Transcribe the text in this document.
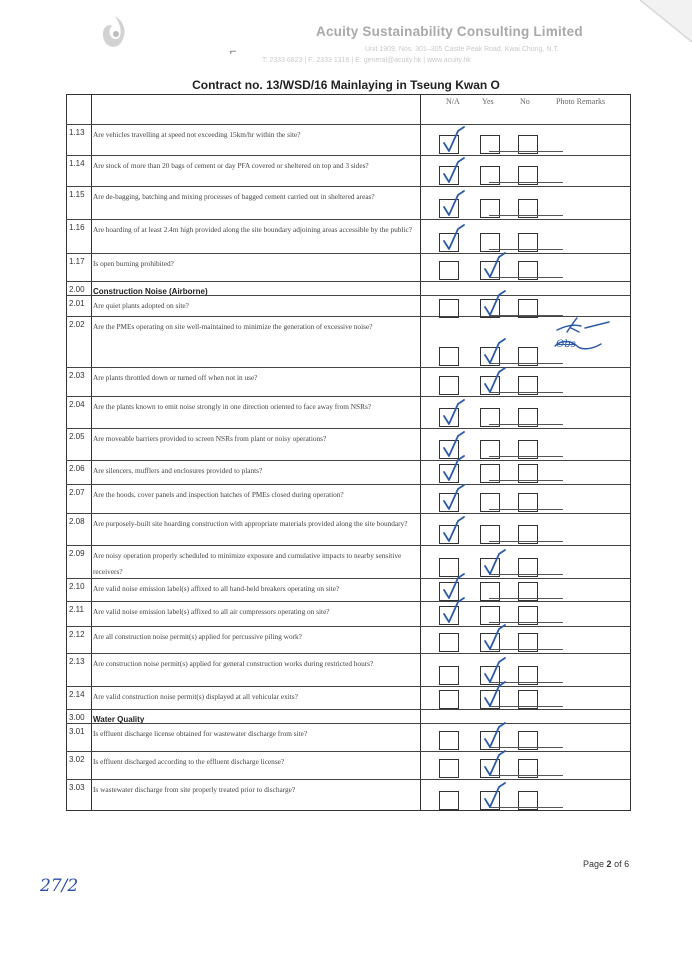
Acuity Sustainability Consulting Limited
Unit 1909, Nos. 301–305 Castle Peak Road, Kwai Chung, N.T.
T: 2333 6823 | F: 2333 1316 | E: general@acuity.hk | www.acuity.hk
⌐
Contract no. 13/WSD/16 Mainlaying in Tseung Kwan O
N/A	Yes	No	Photo Remarks
1.13 Are vehicles travelling at speed not exceeding 15km/hr within the site?
1.14 Are stock of more than 20 bags of cement or day PFA covered or sheltered on top and 3 sides?
1.15 Are de-bagging, batching and mixing processes of bagged cement carried out in sheltered areas?
1.16 Are hoarding of at least 2.4m high provided along the site boundary adjoining areas accessible by the public?
1.17 Is open burning prohibited?
2.00 Construction Noise (Airborne)
2.01 Are quiet plants adopted on site?
2.02 Are the PMEs operating on site well-maintained to minimize the generation of excessive noise?
2.03 Are plants throttled down or turned off when not in use?
2.04 Are the plants known to emit noise strongly in one direction oriented to face away from NSRs?
2.05 Are moveable barriers provided to screen NSRs from plant or noisy operations?
2.06 Are silencers, mufflers and enclosures provided to plants?
2.07 Are the hoods, cover panels and inspection hatches of PMEs closed during operation?
2.08 Are purposely-built site hoarding construction with appropriate materials provided along the site boundary?
2.09 Are noisy operation properly scheduled to minimize exposure and cumulative impacts to nearby sensitive receivers?
2.10 Are valid noise emission label(s) affixed to all hand-held breakers operating on site?
2.11 Are valid noise emission label(s) affixed to all air compressors operating on site?
2.12 Are all construction noise permit(s) applied for percussive piling work?
2.13 Are construction noise permit(s) applied for general construction works during restricted hours?
2.14 Are valid construction noise permit(s) displayed at all vehicular exits?
3.00 Water Quality
3.01 Is effluent discharge license obtained for wastewater discharge from site?
3.02 Is effluent discharged according to the effluent discharge license?
3.03 Is wastewater discharge from site properly treated prior to discharge?
Obs
Page 2 of 6
27/2
